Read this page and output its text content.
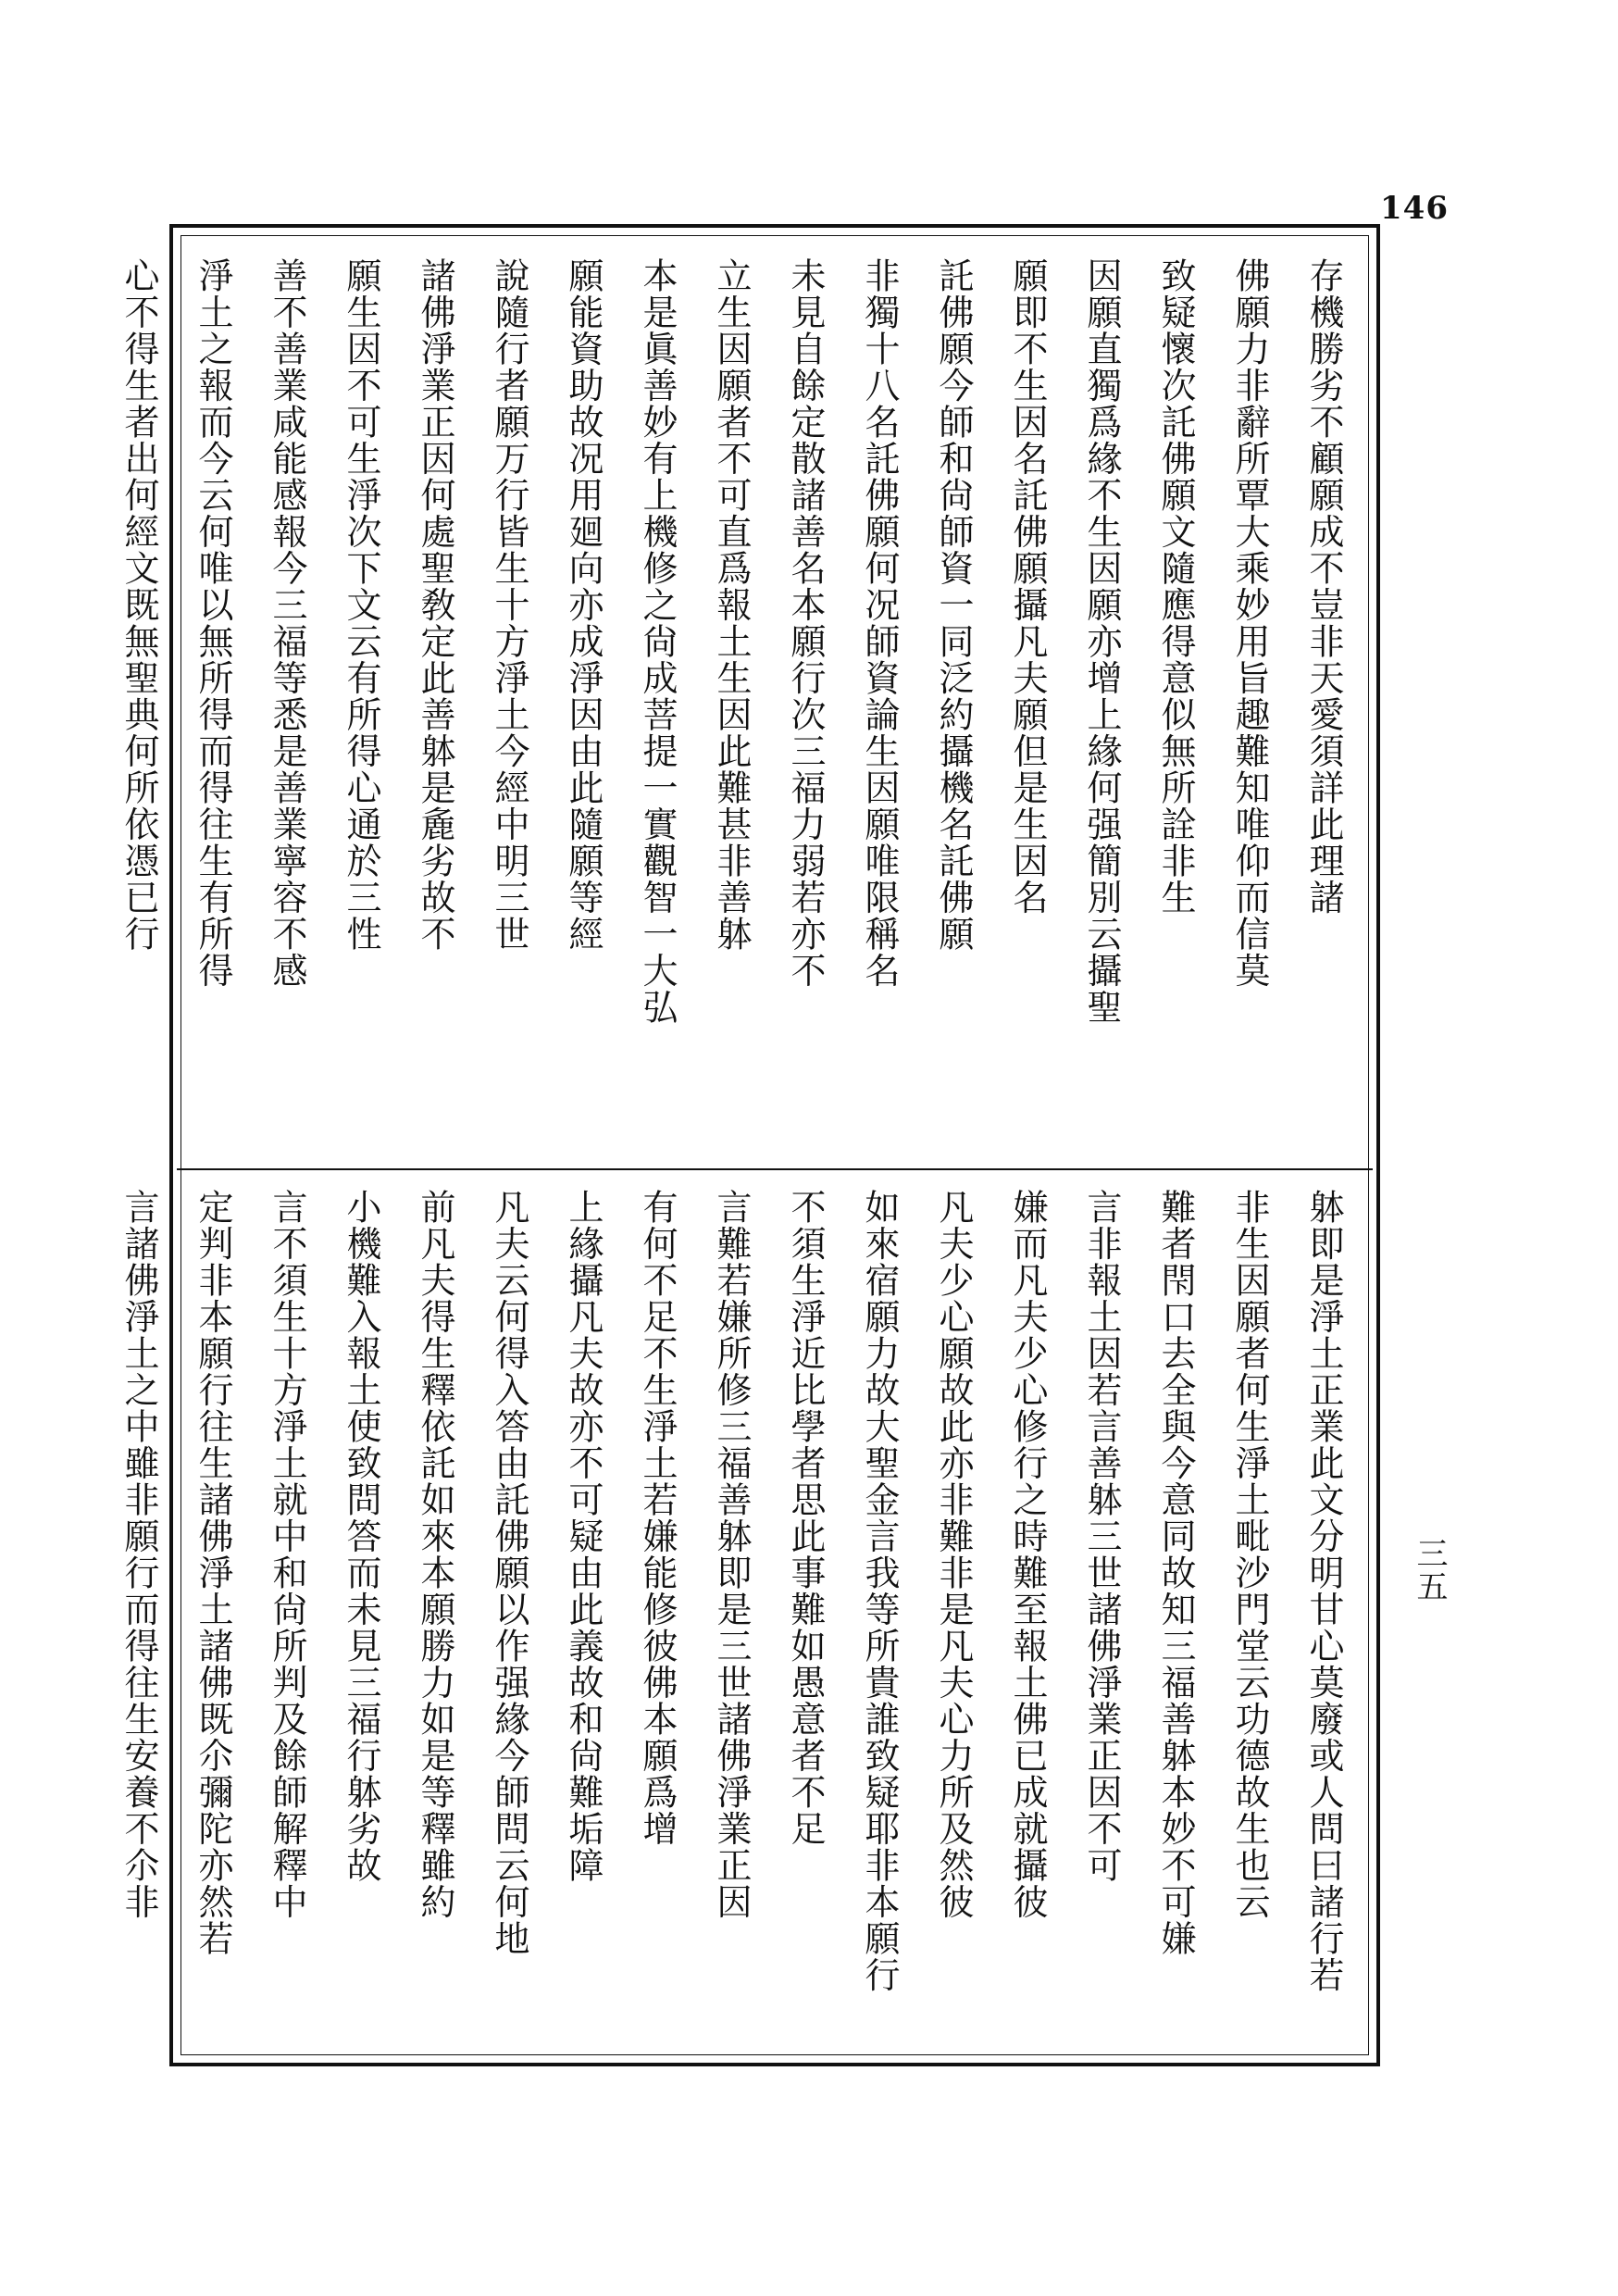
146
存機勝劣不顧願成不豈非天愛須詳此理諸
佛願力非辭所覃大乘妙用旨趣難知唯仰而信莫
致疑懷次託佛願文隨應得意似無所詮非生
因願直獨爲緣不生因願亦增上緣何强簡別云攝聖
願即不生因名託佛願攝凡夫願但是生因名
託佛願今師和尙師資一同泛約攝機名託佛願
非獨十八名託佛願何况師資論生因願唯限稱名
未見自餘定散諸善名本願行次三福力弱若亦不
立生因願者不可直爲報土生因此難甚非善躰
本是眞善妙有上機修之尙成菩提一實觀智一大弘
願能資助故况用廻向亦成淨因由此隨願等經
說隨行者願万行皆生十方淨土今經中明三世
諸佛淨業正因何處聖敎定此善躰是麁劣故不
願生因不可生淨次下文云有所得心通於三性
善不善業咸能感報今三福等悉是善業寧容不感
淨土之報而今云何唯以無所得而得往生有所得
心不得生者出何經文既無聖典何所依憑已行
躰即是淨土正業此文分明甘心莫廢或人問曰諸行若
非生因願者何生淨土毗沙門堂云功德故生也云
難者閇口去全與今意同故知三福善躰本妙不可嫌
言非報土因若言善躰三世諸佛淨業正因不可
嫌而凡夫少心修行之時難至報土佛已成就攝彼
凡夫少心願故此亦非難非是凡夫心力所及然彼
如來宿願力故大聖金言我等所貴誰致疑耶非本願行
不須生淨近比學者思此事難如愚意者不足
言難若嫌所修三福善躰即是三世諸佛淨業正因
有何不足不生淨土若嫌能修彼佛本願爲增
上緣攝凡夫故亦不可疑由此義故和尙難垢障
凡夫云何得入答由託佛願以作强緣今師問云何地
前凡夫得生釋依託如來本願勝力如是等釋雖約
小機難入報土使致問答而未見三福行躰劣故
言不須生十方淨土就中和尙所判及餘師解釋中
定判非本願行往生諸佛淨土諸佛既尒彌陀亦然若
言諸佛淨土之中雖非願行而得往生安養不尒非	三五
